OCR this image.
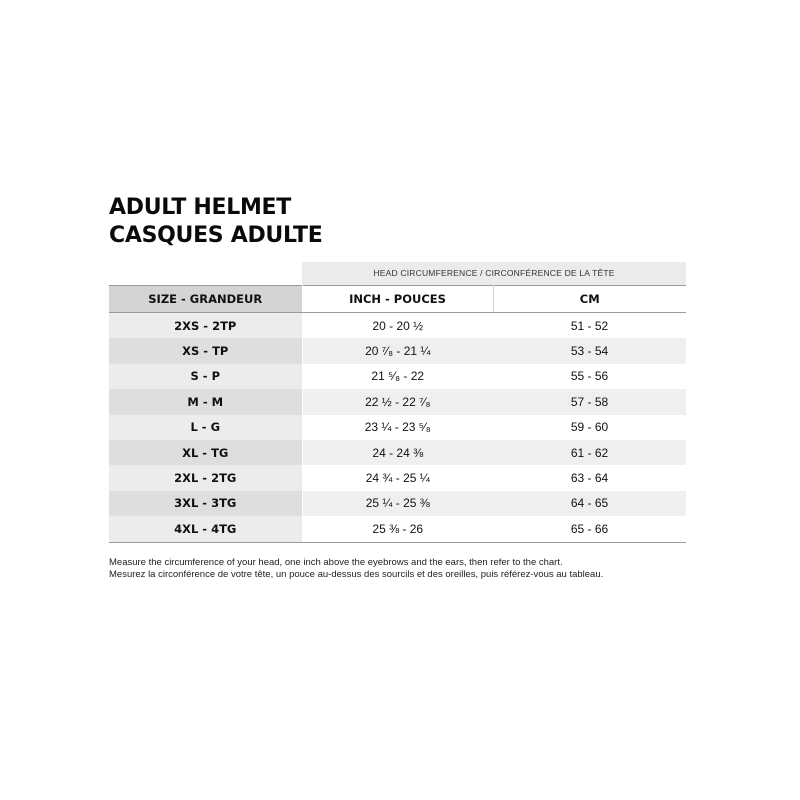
ADULT HELMET
CASQUES ADULTE
HEAD CIRCUMFERENCE / CIRCONFÉRENCE DE LA TÊTE
SIZE - GRANDEUR	INCH - POUCES	CM
2XS - 2TP	20 - 20 ½	51 - 52
XS - TP	20 ⁷⁄₈ - 21 ¼	53 - 54
S - P	21 ⁵⁄₈ - 22	55 - 56
M - M	22 ½ - 22 ⁷⁄₈	57 - 58
L - G	23 ¼ - 23 ⁵⁄₈	59 - 60
XL - TG	24 - 24 ⅜	61 - 62
2XL - 2TG	24 ¾ - 25 ¼	63 - 64
3XL - 3TG	25 ¼ - 25 ⅜	64 - 65
4XL - 4TG	25 ⅜ - 26	65 - 66
Measure the circumference of your head, one inch above the eyebrows and the ears, then refer to the chart.
Mesurez la circonférence de votre tête, un pouce au-dessus des sourcils et des oreilles, puis référez-vous au tableau.
